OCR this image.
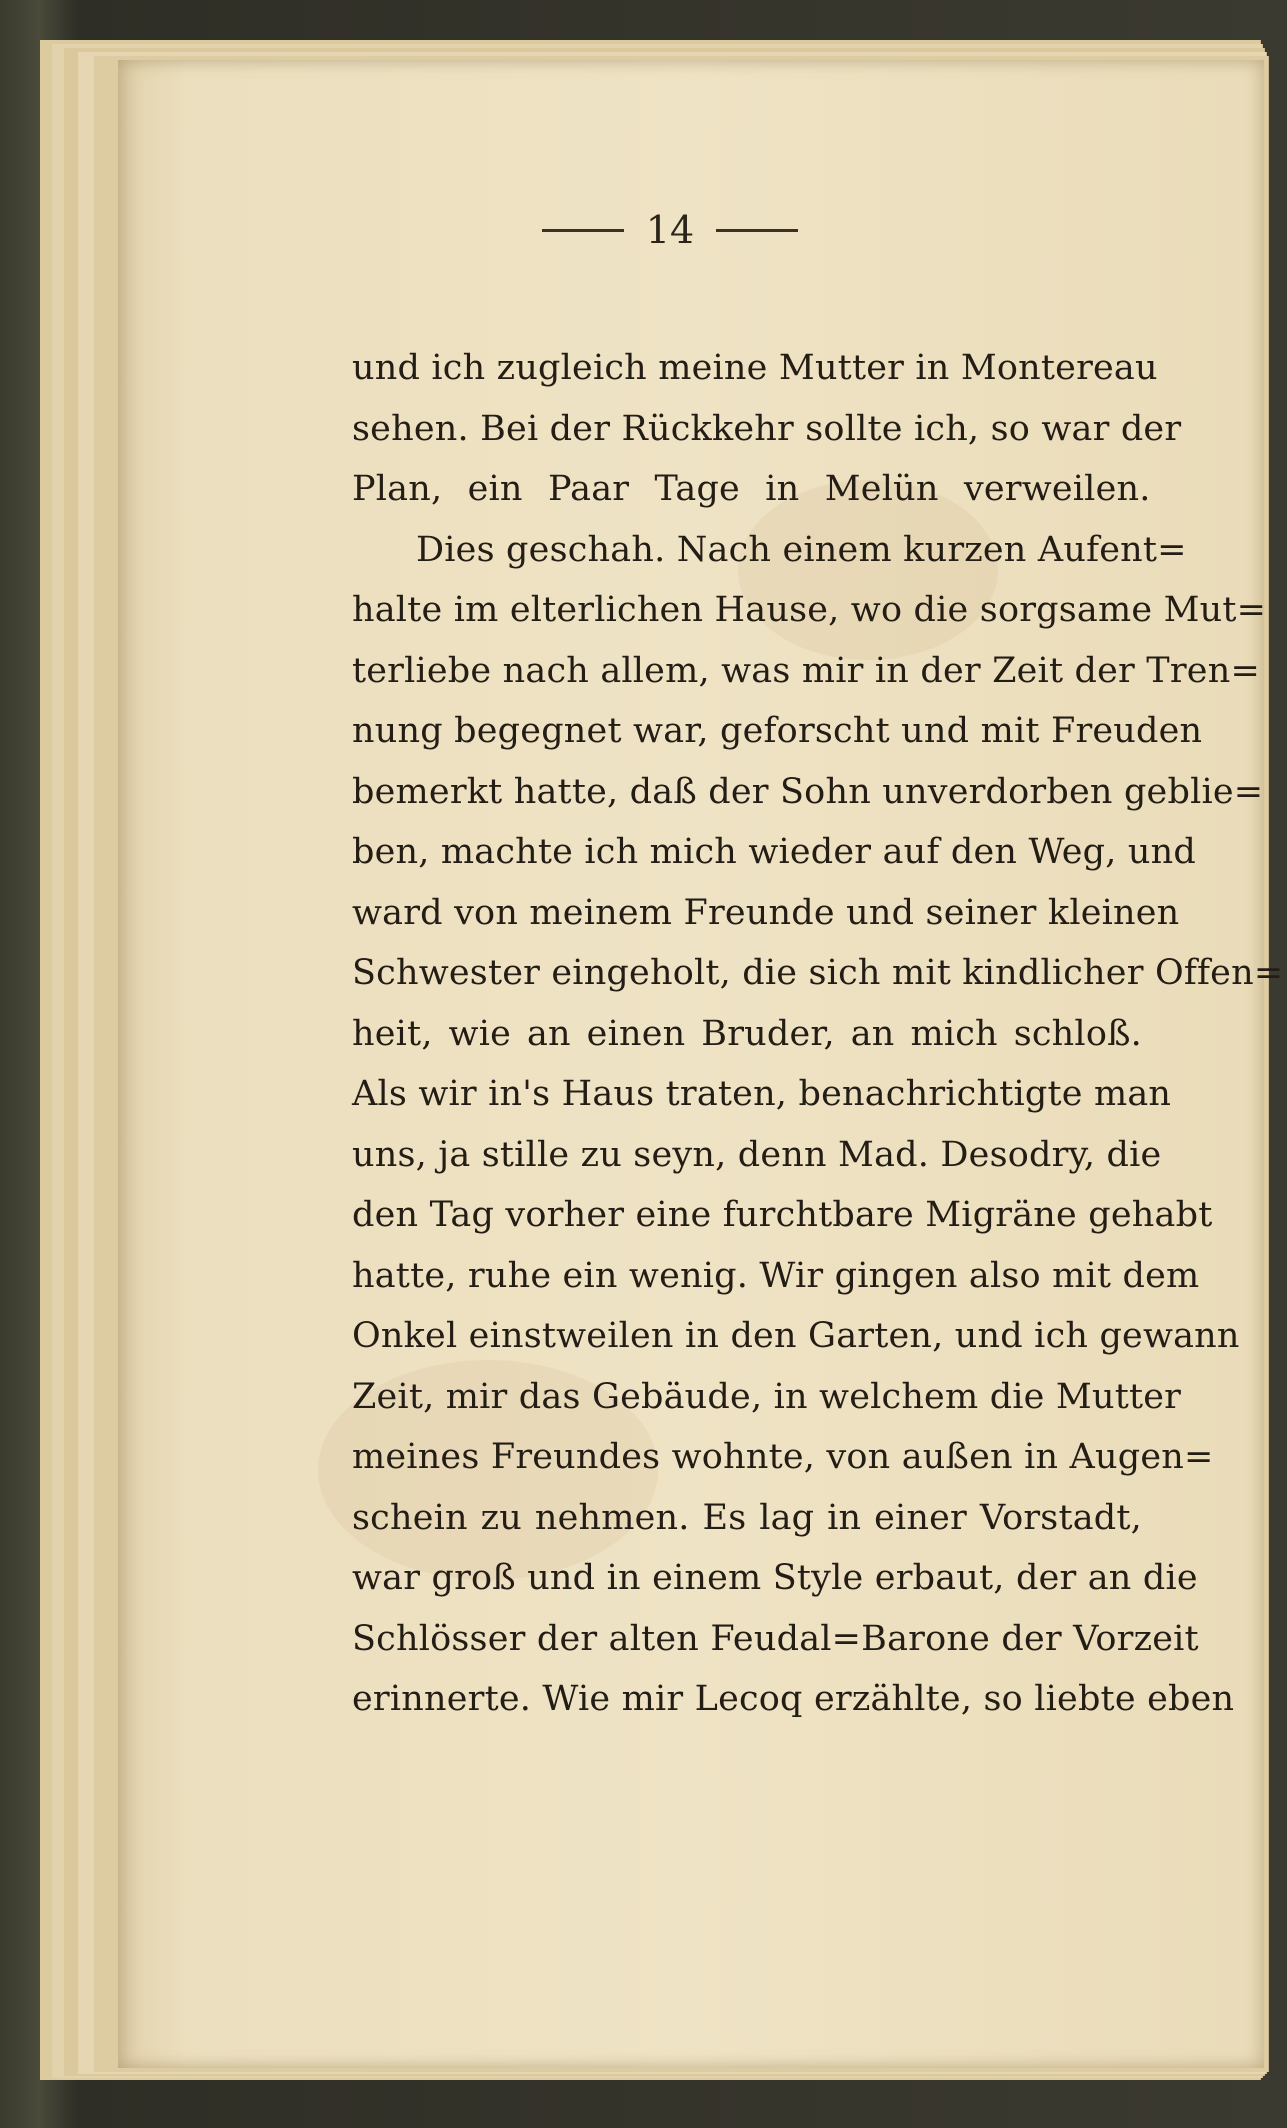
14
und ich zugleich meine Mutter in Montereau
sehen. Bei der Rückkehr sollte ich, so war der
Plan, ein Paar Tage in Melün verweilen.
Dies geschah. Nach einem kurzen Aufent=
halte im elterlichen Hause, wo die sorgsame Mut=
terliebe nach allem, was mir in der Zeit der Tren=
nung begegnet war, geforscht und mit Freuden
bemerkt hatte, daß der Sohn unverdorben geblie=
ben, machte ich mich wieder auf den Weg, und
ward von meinem Freunde und seiner kleinen
Schwester eingeholt, die sich mit kindlicher Offen=
heit, wie an einen Bruder, an mich schloß.
Als wir in's Haus traten, benachrichtigte man
uns, ja stille zu seyn, denn Mad. Desodry, die
den Tag vorher eine furchtbare Migräne gehabt
hatte, ruhe ein wenig. Wir gingen also mit dem
Onkel einstweilen in den Garten, und ich gewann
Zeit, mir das Gebäude, in welchem die Mutter
meines Freundes wohnte, von außen in Augen=
schein zu nehmen. Es lag in einer Vorstadt,
war groß und in einem Style erbaut, der an die
Schlösser der alten Feudal=Barone der Vorzeit
erinnerte. Wie mir Lecoq erzählte, so liebte eben
